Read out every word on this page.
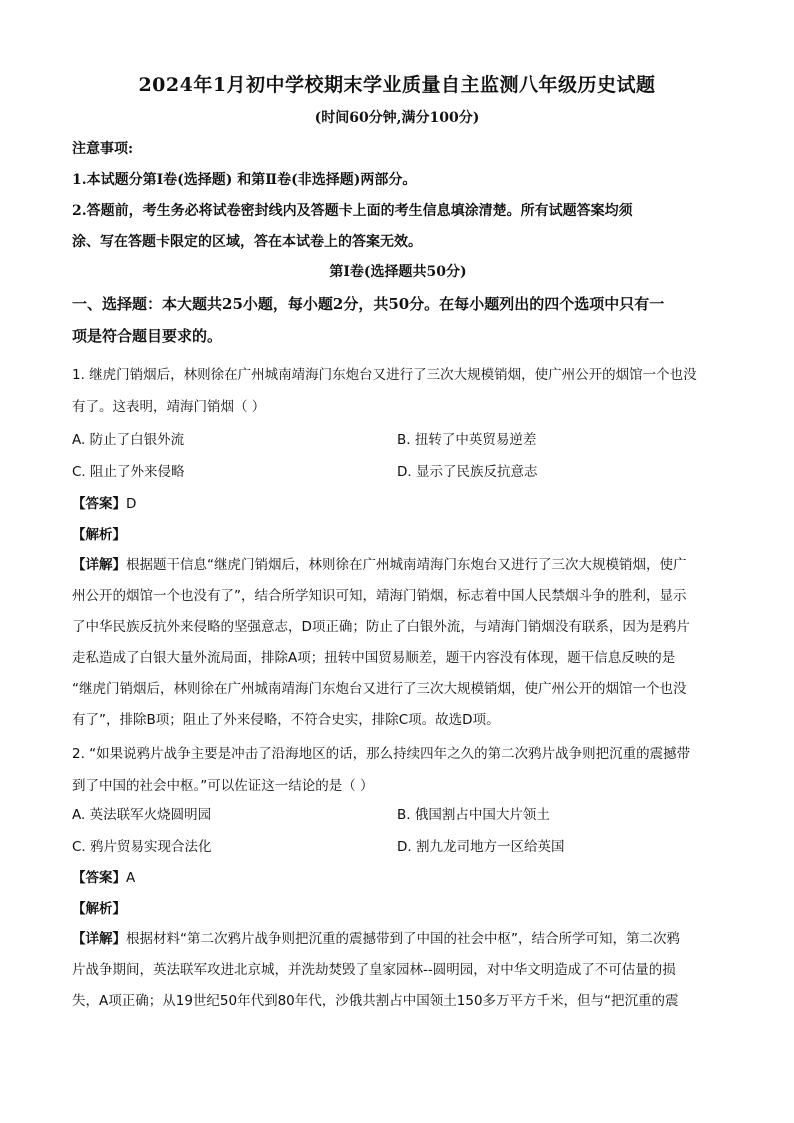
2024年1月初中学校期末学业质量自主监测八年级历史试题
(时间60分钟,满分100分)
注意事项:
1.本试题分第Ⅰ卷(选择题) 和第Ⅱ卷(非选择题)两部分。
2.答题前，考生务必将试卷密封线内及答题卡上面的考生信息填涂清楚。所有试题答案均须
涂、写在答题卡限定的区域，答在本试卷上的答案无效。
第Ⅰ卷(选择题共50分)
一、选择题：本大题共25小题，每小题2分，共50分。在每小题列出的四个选项中只有一
项是符合题目要求的。
1. 继虎门销烟后，林则徐在广州城南靖海门东炮台又进行了三次大规模销烟，使广州公开的烟馆一个也没
有了。这表明，靖海门销烟（ ）
A. 防止了白银外流	B. 扭转了中英贸易逆差
C. 阻止了外来侵略	D. 显示了民族反抗意志
【答案】D
【解析】
【详解】根据题干信息“继虎门销烟后，林则徐在广州城南靖海门东炮台又进行了三次大规模销烟，使广
州公开的烟馆一个也没有了”，结合所学知识可知，靖海门销烟，标志着中国人民禁烟斗争的胜利，显示
了中华民族反抗外来侵略的坚强意志，D项正确；防止了白银外流，与靖海门销烟没有联系，因为是鸦片
走私造成了白银大量外流局面，排除A项；扭转中国贸易顺差，题干内容没有体现，题干信息反映的是
“继虎门销烟后，林则徐在广州城南靖海门东炮台又进行了三次大规模销烟，使广州公开的烟馆一个也没
有了”，排除B项；阻止了外来侵略，不符合史实，排除C项。故选D项。
2. “如果说鸦片战争主要是冲击了沿海地区的话，那么持续四年之久的第二次鸦片战争则把沉重的震撼带
到了中国的社会中枢。”可以佐证这一结论的是（ ）
A. 英法联军火烧圆明园	B. 俄国割占中国大片领土
C. 鸦片贸易实现合法化	D. 割九龙司地方一区给英国
【答案】A
【解析】
【详解】根据材料“第二次鸦片战争则把沉重的震撼带到了中国的社会中枢”，结合所学可知，第二次鸦
片战争期间，英法联军攻进北京城，并洗劫焚毁了皇家园林--圆明园，对中华文明造成了不可估量的损
失，A项正确；从19世纪50年代到80年代，沙俄共割占中国领土150多万平方千米，但与“把沉重的震
